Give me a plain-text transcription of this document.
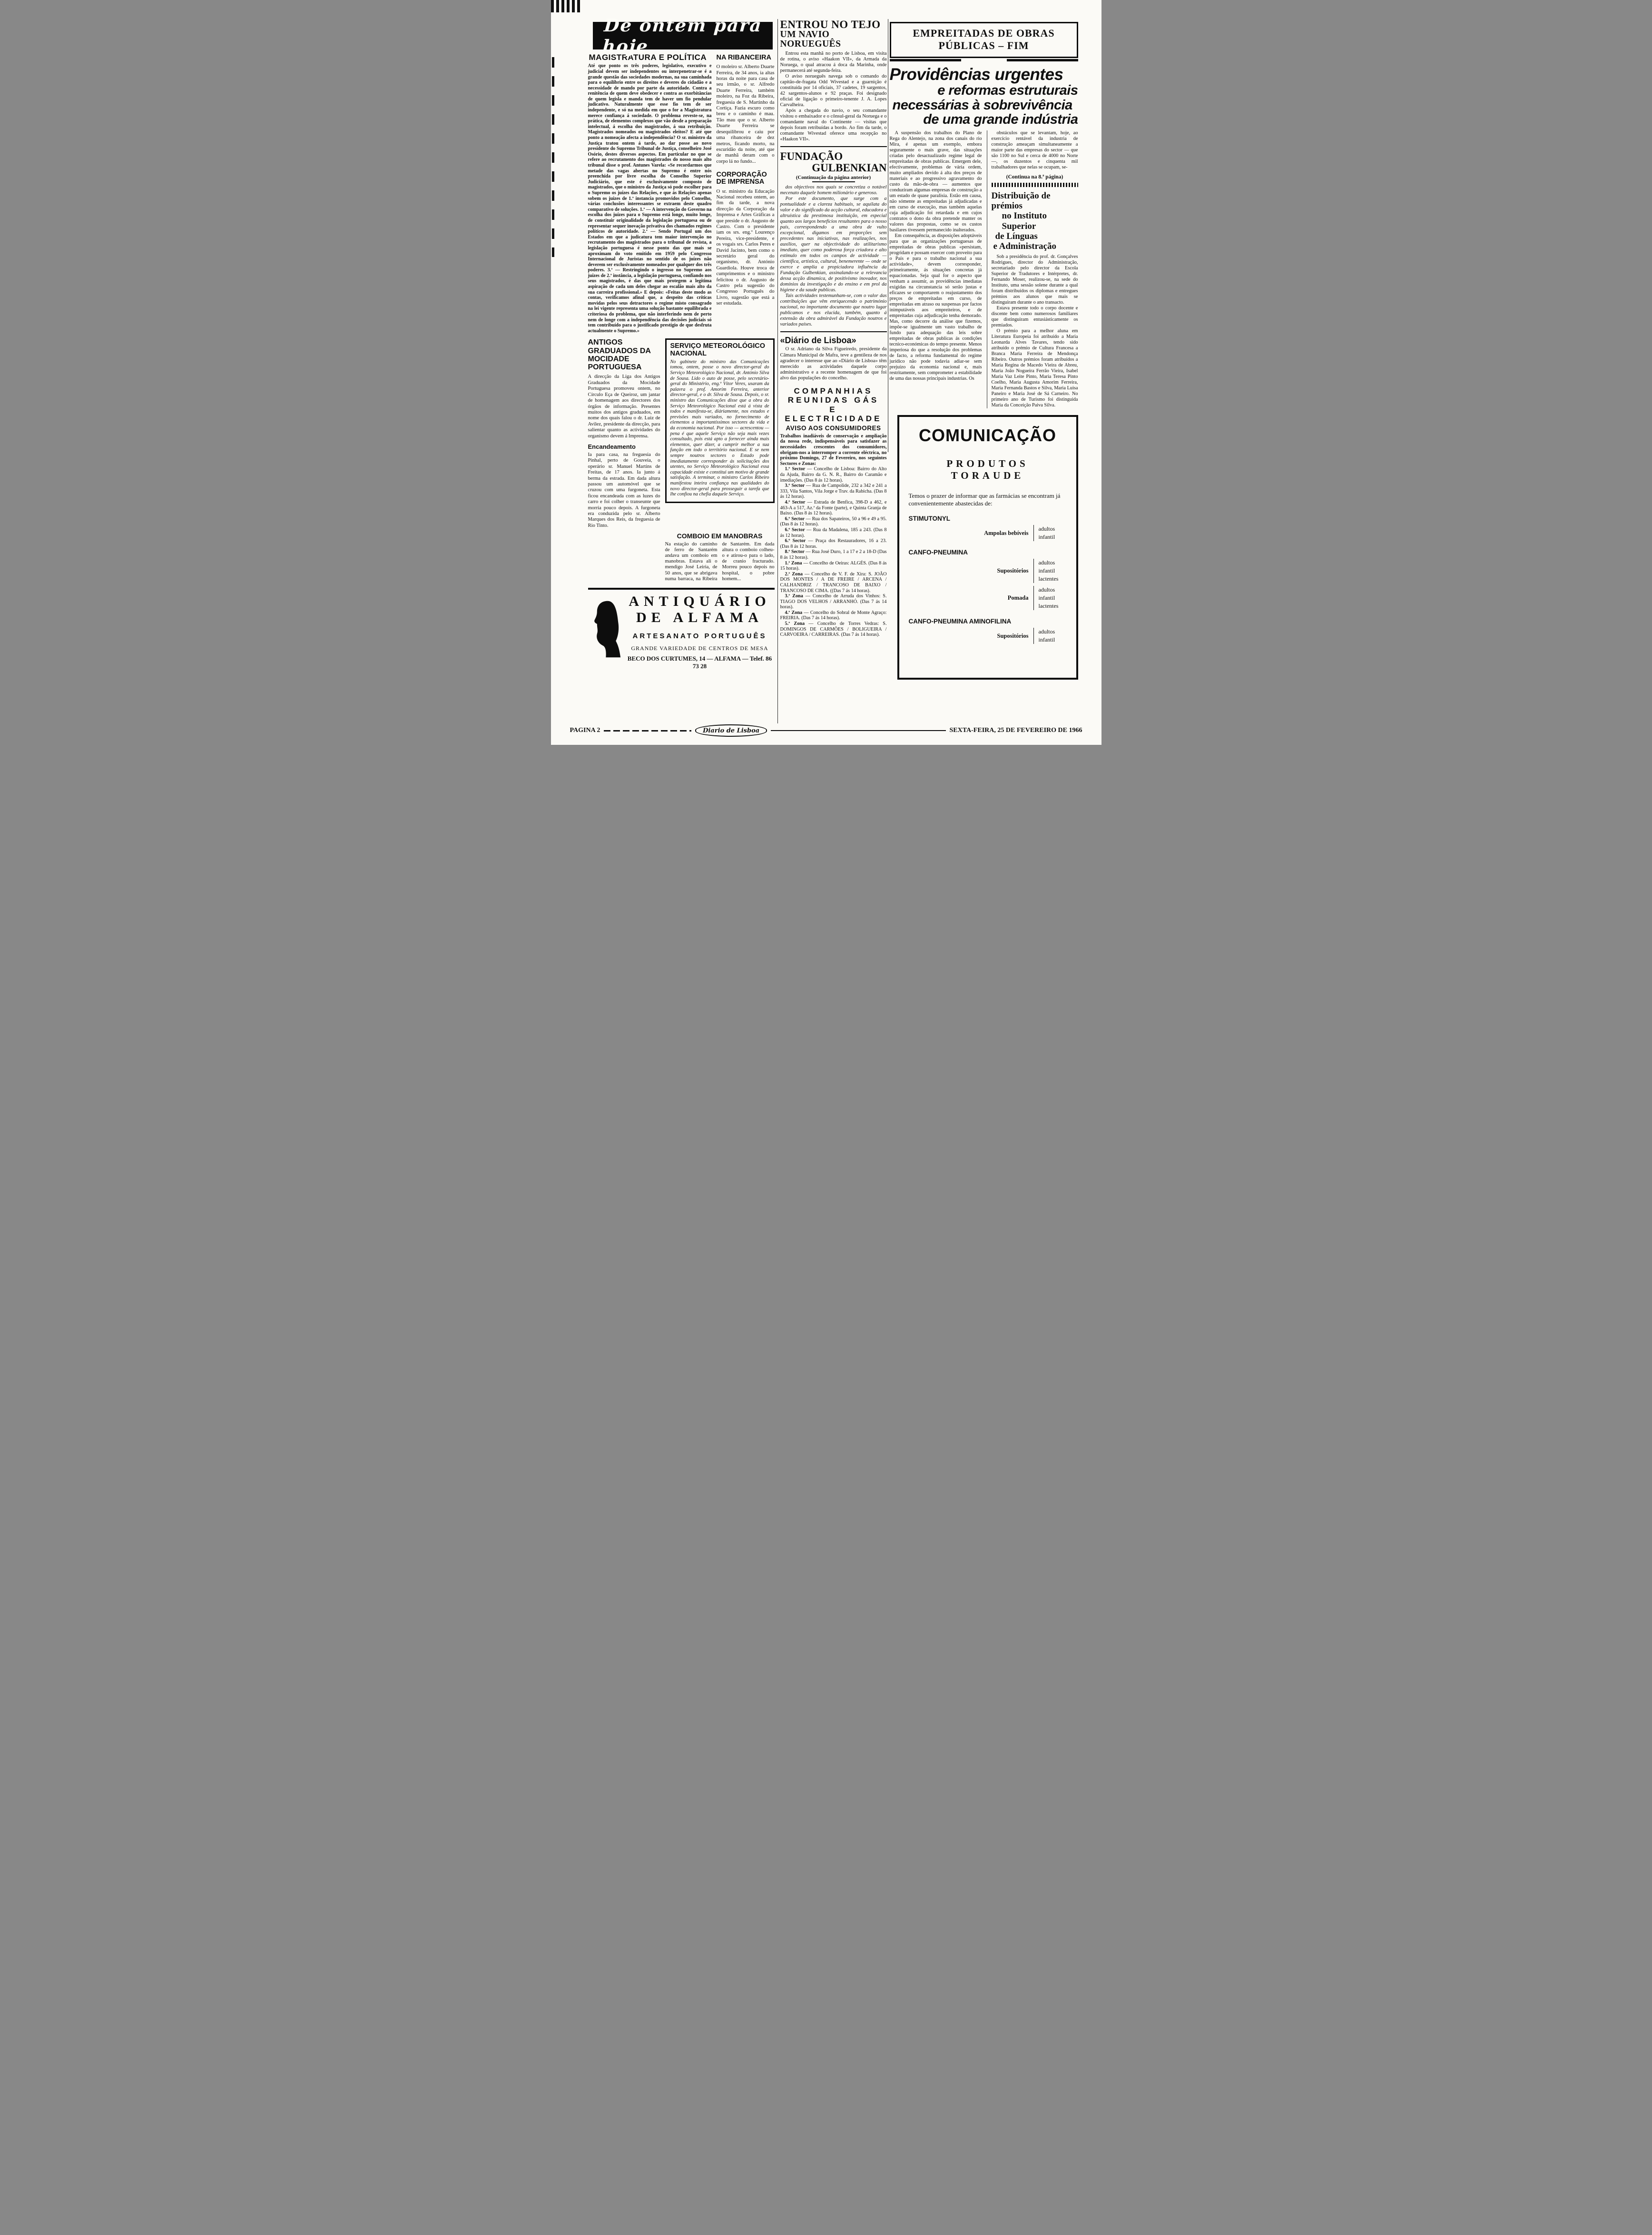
De ontem para hoje
MAGISTRATURA E POLÍTICA

Até que ponto os três poderes, legislativo, executivo e judicial devem ser independentes ou interpenetrar-se é a grande questão das sociedades modernas, na sua caminhada para o equilíbrio entre os direitos e deveres do cidadão e a necessidade de mando por parte da autoridade. Contra a renitência de quem deve obedecer e contra as exorbitâncias de quem legisla e manda tem de haver um fio pendular judicativo. Naturalmente que esse fio tem de ser independente, e só na medida em que o for a Magistratura merece confiança á sociedade. O problema reveste-se, na prática, de elementos complexos que vão desde a preparação intelectual, á escolha dos magistrados, á sua retribuição. Magistrados nomeados ou magistrados eleitos? E até que ponto a nomeação afecta a independência? O sr. ministro da Justiça tratou ontem á tarde, ao dar posse ao novo presidente do Supremo Tribunal de Justiça, conselheiro José Osório, destes diversos aspectos. Em particular no que se refere ao recrutamento dos magistrados do nosso mais alto tribunal disse o prof. Antunes Varela: «Se recordarmos que metade das vagas abertas no Supremo é entre nós preenchida por livre escolha do Conselho Superior Judiciário, que este é exclusivamente composto de magistrados, que o ministro da Justiça só pode escolher para o Supremo os juízes das Relações, e que ás Relações apenas sobem os juízes de 1.ª instancia promovidos pelo Conselho, várias conclusões interessantes se extraem deste quadro comparativo de soluções. 1.ª — A intervenção do Governo na escolha dos juízes para o Supremo está longe, muito longe, de constituir originalidade da legislação portuguesa ou de representar sequer inovação privativa dos chamados regimes políticos de autoridade. 2.ª — Sendo Portugal um dos Estados em que a judicatura tem maior intervenção no recrutamento dos magistrados para o tribunal de revista, a legislação portuguesa é nesse ponto das que mais se aproximam do voto emitido em 1959 pelo Congresso Internacional de Juristas no sentido de os juízes não deverem ser exclusivamente nomeados por qualquer dos três poderes. 3.ª — Restringindo o ingresso no Supremo aos juízes de 2.ª instância, a legislação portuguesa, confiando nos seus magistrados, é das que mais protegem a legítima aspiração de cada um deles chegar ao escalão mais alto da sua carreira profissional.» E depois: «Feitas deste modo as contas, verificamos afinal que, a despeito das críticas movidas pelos seus detractores o regime misto consagrado na lei vigente representa uma solução bastante equilibrada e criteriosa do problema, que não interferindo nem de perto nem de longe com a independência das decisões judiciais só tem contribuído para o justificado prestígio de que desfruta actualmente o Supremo.»

NA RIBANCEIRA

O moleiro sr. Alberto Duarte Ferreira, de 34 anos, ia altas horas da noite para casa de seu irmão, o sr. Alfredo Duarte Ferreira, também moleiro, na Foz da Ribeira, freguesia de S. Martinho da Cortiça. Fazia escuro como breu e o caminho é mau. Tão mau que o sr. Alberto Duarte Ferreira se desequilibrou e caiu por uma ribanceira de dez metros, ficando morto, na escuridão da noite, até que de manhã deram com o corpo lá no fundo...

CORPORAÇÃO DE IMPRENSA

O sr. ministro da Educação Nacional recebeu ontem, ao fim da tarde, a nova direcção da Corporação da Imprensa e Artes Gráficas a que preside o dr. Augusto de Castro. Com o presidente iam os srs. eng.º Lourenço Pereira, vice-presidente, e os vogais srs. Carlos Peres e David Jacinto, bem como o secretário geral do organismo, dr. António Guardiola. Houve troca de cumprimentos e o ministro felicitou o dr. Augusto de Castro pela sugestão do Congresso Português do Livro, sugestão que está a ser estudada.

ANTIGOS GRADUADOS DA MOCIDADE PORTUGUESA

A direcção da Liga dos Antigos Graduados da Mocidade Portuguesa promoveu ontem, no Círculo Eça de Queiroz, um jantar de homenagem aos directores dos órgãos de informação. Presentes muitos dos antigos graduados, em nome dos quais falou o dr. Luiz de Avilez, presidente da direcção, para salientar quanto as actividades do organismo devem á Imprensa.

Encandeamento

Ia para casa, na freguesia do Pinhal, perto de Gouveia, o operário sr. Manuel Martins de Freitas, de 17 anos. Ia junto á berma da estrada. Em dada altura passou um automóvel que se cruzou com uma furgoneta. Esta ficou encandeada com as luzes do carro e foi colher o transeunte que morria pouco depois. A furgoneta era conduzida pelo sr. Alberto Marques dos Reis, da freguesia de Rio Tinto.

SERVIÇO METEOROLÓGICO NACIONAL

No gabinete do ministro das Comunicações tomou, ontem, posse o novo director-geral do Serviço Meteorológico Nacional, dr. António Silva de Sousa. Lido o auto de posse, pelo secretário-geral do Ministério, eng.º Vítor Veres, usaram da palavra o prof. Amorim Ferreira, anterior director-geral, e o dr. Silva de Sousa. Depois, o sr. ministro das Comunicações disse que a obra do Serviço Meteorológico Nacional está á vista de todos e manifesta-se, diáriamente, nos estudos e previsões mais variados, no fornecimento de elementos a importantíssimos sectores da vida e da economia nacional. Por isso — acrescentou — pena é que aquele Serviço não seja mais vezes consultado, pois está apto a fornecer ainda mais elementos, quer dizer, a cumprir melhor a sua função em todo o território nacional. E se nem sempre noutros sectores o Estado pode imediatamente corresponder ás solicitações dos utentes, no Serviço Meteorológico Nacional essa capacidade existe e constitui um motivo de grande satisfação. A terminar, o ministro Carlos Ribeiro manifestou inteira confiança nas qualidades do novo director-geral para prosseguir a tarefa que lhe confiou na chefia daquele Serviço.

COMBOIO EM MANOBRAS

Na estação do caminho de ferro de Santarém andava um comboio em manobras. Estava ali o mendigo José Leiria, de 50 anos, que se abrigava numa barraca, na Ribeira de Santarém. Em dada altura o comboio colheu-o e atirou-o para o lado, de cranio fracturado. Morreu pouco depois no hospital, o pobre homem...

ANTIQUÁRIO
DE ALFAMA
ARTESANATO PORTUGUÊS
GRANDE VARIEDADE DE CENTROS DE MESA
BECO DOS CURTUMES, 14 — ALFAMA — Telef. 86 73 28
ENTROU NO TEJO
UM NAVIO NORUEGUÊS

Entrou esta manhã no porto de Lisboa, em visita de rotina, o aviso «Haakon VII», da Armada da Noruega, o qual atracou á doca da Marinha, onde permanecerá até segunda-feira.

O aviso norueguês navega sob o comando do capitão-de-fragata Odd Wivestad e a guarnição é constituída por 14 oficiais, 37 cadetes, 19 sargentos, 42 sargentos-alunos e 92 praças. Foi designado oficial de ligação o primeiro-tenente J. A. Lopes Carvalheira.

Após a chegada do navio, o seu comandante visitou o embaixador e o cônsul-geral da Noruega e o comandante naval do Continente — visitas que depois foram retribuídas a bordo. Ao fim da tarde, o comandante Wivestad oferece uma recepção no «Haakon VII».

FUNDAÇÃO
GULBENKIAN
(Continuação da página anterior)

dos objectivos nos quais se concretiza o notável mecenato daquele homem milionário e generoso.

Por este documento, que surge com a pontualidade e a clareza habituais, se aquilata do valor e do significado da acção cultural, educadora e altruística da prestimosa instituição, em especial quanto aos largos benefícios resultantes para o nosso país, correspondendo a uma obra de vulto excepcional, digamos em proporções sem precedentes nas iniciativas, nas realizações, nos auxílios, quer na objectividade do utilitarismo imediato, quer como poderosa força criadora e alto estímulo em todos os campos de actividade — científica, artística, cultural, benemerente — onde se exerce e amplia a propiciadora influência da Fundação Gulbenkian, assinalando-se a relevancia dessa acção dinamica, de positivismo inovador, nos domínios da investigação e do ensino e em prol da higiene e da saude publicas.

Tais actividades testemunham-se, com o valor das contribuições que vêm enriquecendo o património nacional, no importante documento que noutro lugar publicamos e nos elucida, também, quanto á extensão da obra admirável da Fundação noutros e variados países.

«Diário de Lisboa»

O sr. Adriano da Silva Figueiredo, presidente da Câmara Municipal de Mafra, teve a gentileza de nos agradecer o interesse que ao «Diário de Lisboa» têm merecido as actividades daquele corpo administrativo e a recente homenagem de que foi alvo das populações do concelho.

COMPANHIAS

REUNIDAS GÁS

E ELECTRICIDADE

AVISO AOS CONSUMIDORES

Trabalhos inadiáveis de conservação e ampliação da nossa rede, indispensáveis para satisfazer as necessidades crescentes dos consumidores, obrigam-nos a interromper a corrente eléctrica, no próximo Domingo, 27 de Fevereiro, nos seguintes Sectores e Zonas:

1.º Sector — Concelho de Lisboa: Bairro do Alto da Ajuda, Bairro da G. N. R., Bairro do Caramão e imediações. (Das 8 ás 12 horas).

3.º Sector — Rua de Campolide, 232 a 342 e 241 a 333, Vila Santos, Vila Jorge e Trav. da Rabicha. (Das 8 ás 12 horas).

4.º Sector — Estrada de Benfica, 398-D a 462, e 463-A a 517, Az.ª da Fonte (parte), e Quinta Granja de Baixo. (Das 8 ás 12 horas).

6.º Sector — Rua dos Sapateiros, 50 a 96 e 49 a 95. (Das 8 ás 12 horas).

6.º Sector — Rua da Madalena, 185 a 243. (Das 8 ás 12 horas).

6.º Sector — Praça dos Restauradores, 16 a 23. (Das 8 ás 12 horas.

8.º Sector — Rua José Duro, 1 a 17 e 2 a 18-D (Das 8 ás 12 horas).

1.ª Zona — Concelho de Oeiras: ALGÉS. (Das 8 ás 15 horas).

2.ª Zona — Concelho de V. F. de Xira: S. JOÃO DOS MONTES / A DE FREIRE / ARCENA / CALHANDRIZ / TRANCOSO DE BAIXO / TRANCOSO DE CIMA. ((Das 7 ás 14 horas).

3.ª Zona — Concelho de Arruda dos Vinhos: S. TIAGO DOS VELHOS / ARRANHÓ. (Das 7 ás 14 horas).

4.ª Zona — Concelho do Sobral de Monte Agraço: FREIRIA. (Das 7 ás 14 horas).

5.ª Zona — Concelho de Torres Vedras: S. DOMINGOS DE CARMÕES / BOLIGUEIRA / CARVOEIRA / CARREIRAS. (Das 7 ás 14 horas).

EMPREITADAS DE OBRAS PÚBLICAS – FIM

Providências urgentes

e reformas estruturais

necessárias à sobrevivência

de uma grande indústria

A suspensão dos trabalhos do Plano de Rega do Alentejo, na zona dos canais do rio Mira, é apenas um exemplo, embora seguramente o mais grave, das situações criadas pelo desactualizado regime legal de empreitadas de obras publicas. Emergem dele, efectivamente, problemas de vária ordem, muito ampliados devido á alta dos preços de materiais e ao progressivo agravamento do custo da mão-de-obra — aumentos que conduziram algumas empresas de construção a um estado de quase paralisia. Estão em causa, não sómente as empreitadas já adjudicadas e em curso de execução, mas também aquelas cuja adjudicação foi retardada e em cujos contratos o dono da obra pretende manter os valores das propostas, como se os custos basilares tivessem permanecido inalterados.

Em consequência, as disposições adoptáveis para que as organizações portuguesas de empreitadas de obras publicas «persistam, progridam e possam exercer com proveito para o País e para o trabalho nacional a sua actividade», devem corresponder, primeiramente, ás situações concretas já equacionadas. Seja qual for o aspecto que venham a assumir, as providências imediatas exigidas na circunstancia só serão justas e eficazes se comportarem o reajustamento dos preços de empreitadas em curso, de empreitadas em atraso ou suspensas por factos inimputáveis aos empreiteiros, e de empreitadas cuja adjudicação tenha demorado. Mas, como decorre da análise que fizemos, impõe-se igualmente um vasto trabalho de fundo para adequação das leis sobre empreitadas de obras publicas ás condições tecnico-económicas do tempo presente. Menos imperiosa do que a resolução dos problemas de facto, a reforma fundamental do regime jurídico não pode todavia adiar-se sem prejuízo da economia nacional e, mais restritamente, sem comprometer a estabilidade de uma das nossas principais industrias. Os

obstáculos que se levantam, hoje, ao exercício rentável da industria de construção ameaçam simultaneamente a maior parte das empresas do sector — que são 1100 no Sul e cerca de 4000 no Norte —, os duzentos e cinquenta mil trabalhadores que nelas se ocupam, se-

(Continua na 8.ª página)

Distribuição de prémios

no Instituto Superior

de Línguas

e Administração

Sob a presidência do prof. dr. Gonçalves Rodrigues, director do Administração, secretariado pelo director da Escola Superior de Tradutores e Intérpretes, dr. Fernando Moser, realizou-se, na sede do Instituto, uma sessão solene durante a qual foram distribuídos os diplomas e entregues prémios aos alunos que mais se distinguiram durante o ano transacto.

Estava presente todo o corpo docente e discente bem como numerosos familiares que distinguiram entusiásticamente os premiados.

O prémio para a melhor aluna em Literatura Europeia foi atribuído a Maria Leonarda Alves Tavares, tendo sido atribuído o prémio de Cultura Francesa a Branca Maria Ferreira de Mendonça Ribeiro. Outros prémios foram atribuídos a Maria Regina de Macedo Vieira de Abreu, Maria João Nogueira Ferrão Vieira, Isabel Maria Vaz Leite Pinto, Maria Teresa Pinto Coelho, Maria Augusta Amorim Ferreira, Maria Fernanda Bastos e Silva, Maria Luisa Paneiro e Maria José de Sá Carneiro. No primeiro ano de Turismo foi distinguida Maria da Conceição Paiva Silva.

COMUNICAÇÃO
PRODUTOS TORAUDE

Temos o prazer de informar que as farmácias se encontram já convenientemente abastecidas de:

STIMUTONYL
Ampolas bebíveis
adultos
infantil
CANFO-PNEUMINA
Supositórios
adultos
infantil
lactentes
Pomada
adultos
infantil
lactentes
CANFO-PNEUMINA AMINOFILINA
Supositórios
adultos
infantil
PAGINA 2	Diario de Lisboa	SEXTA-FEIRA, 25 DE FEVEREIRO DE 1966
